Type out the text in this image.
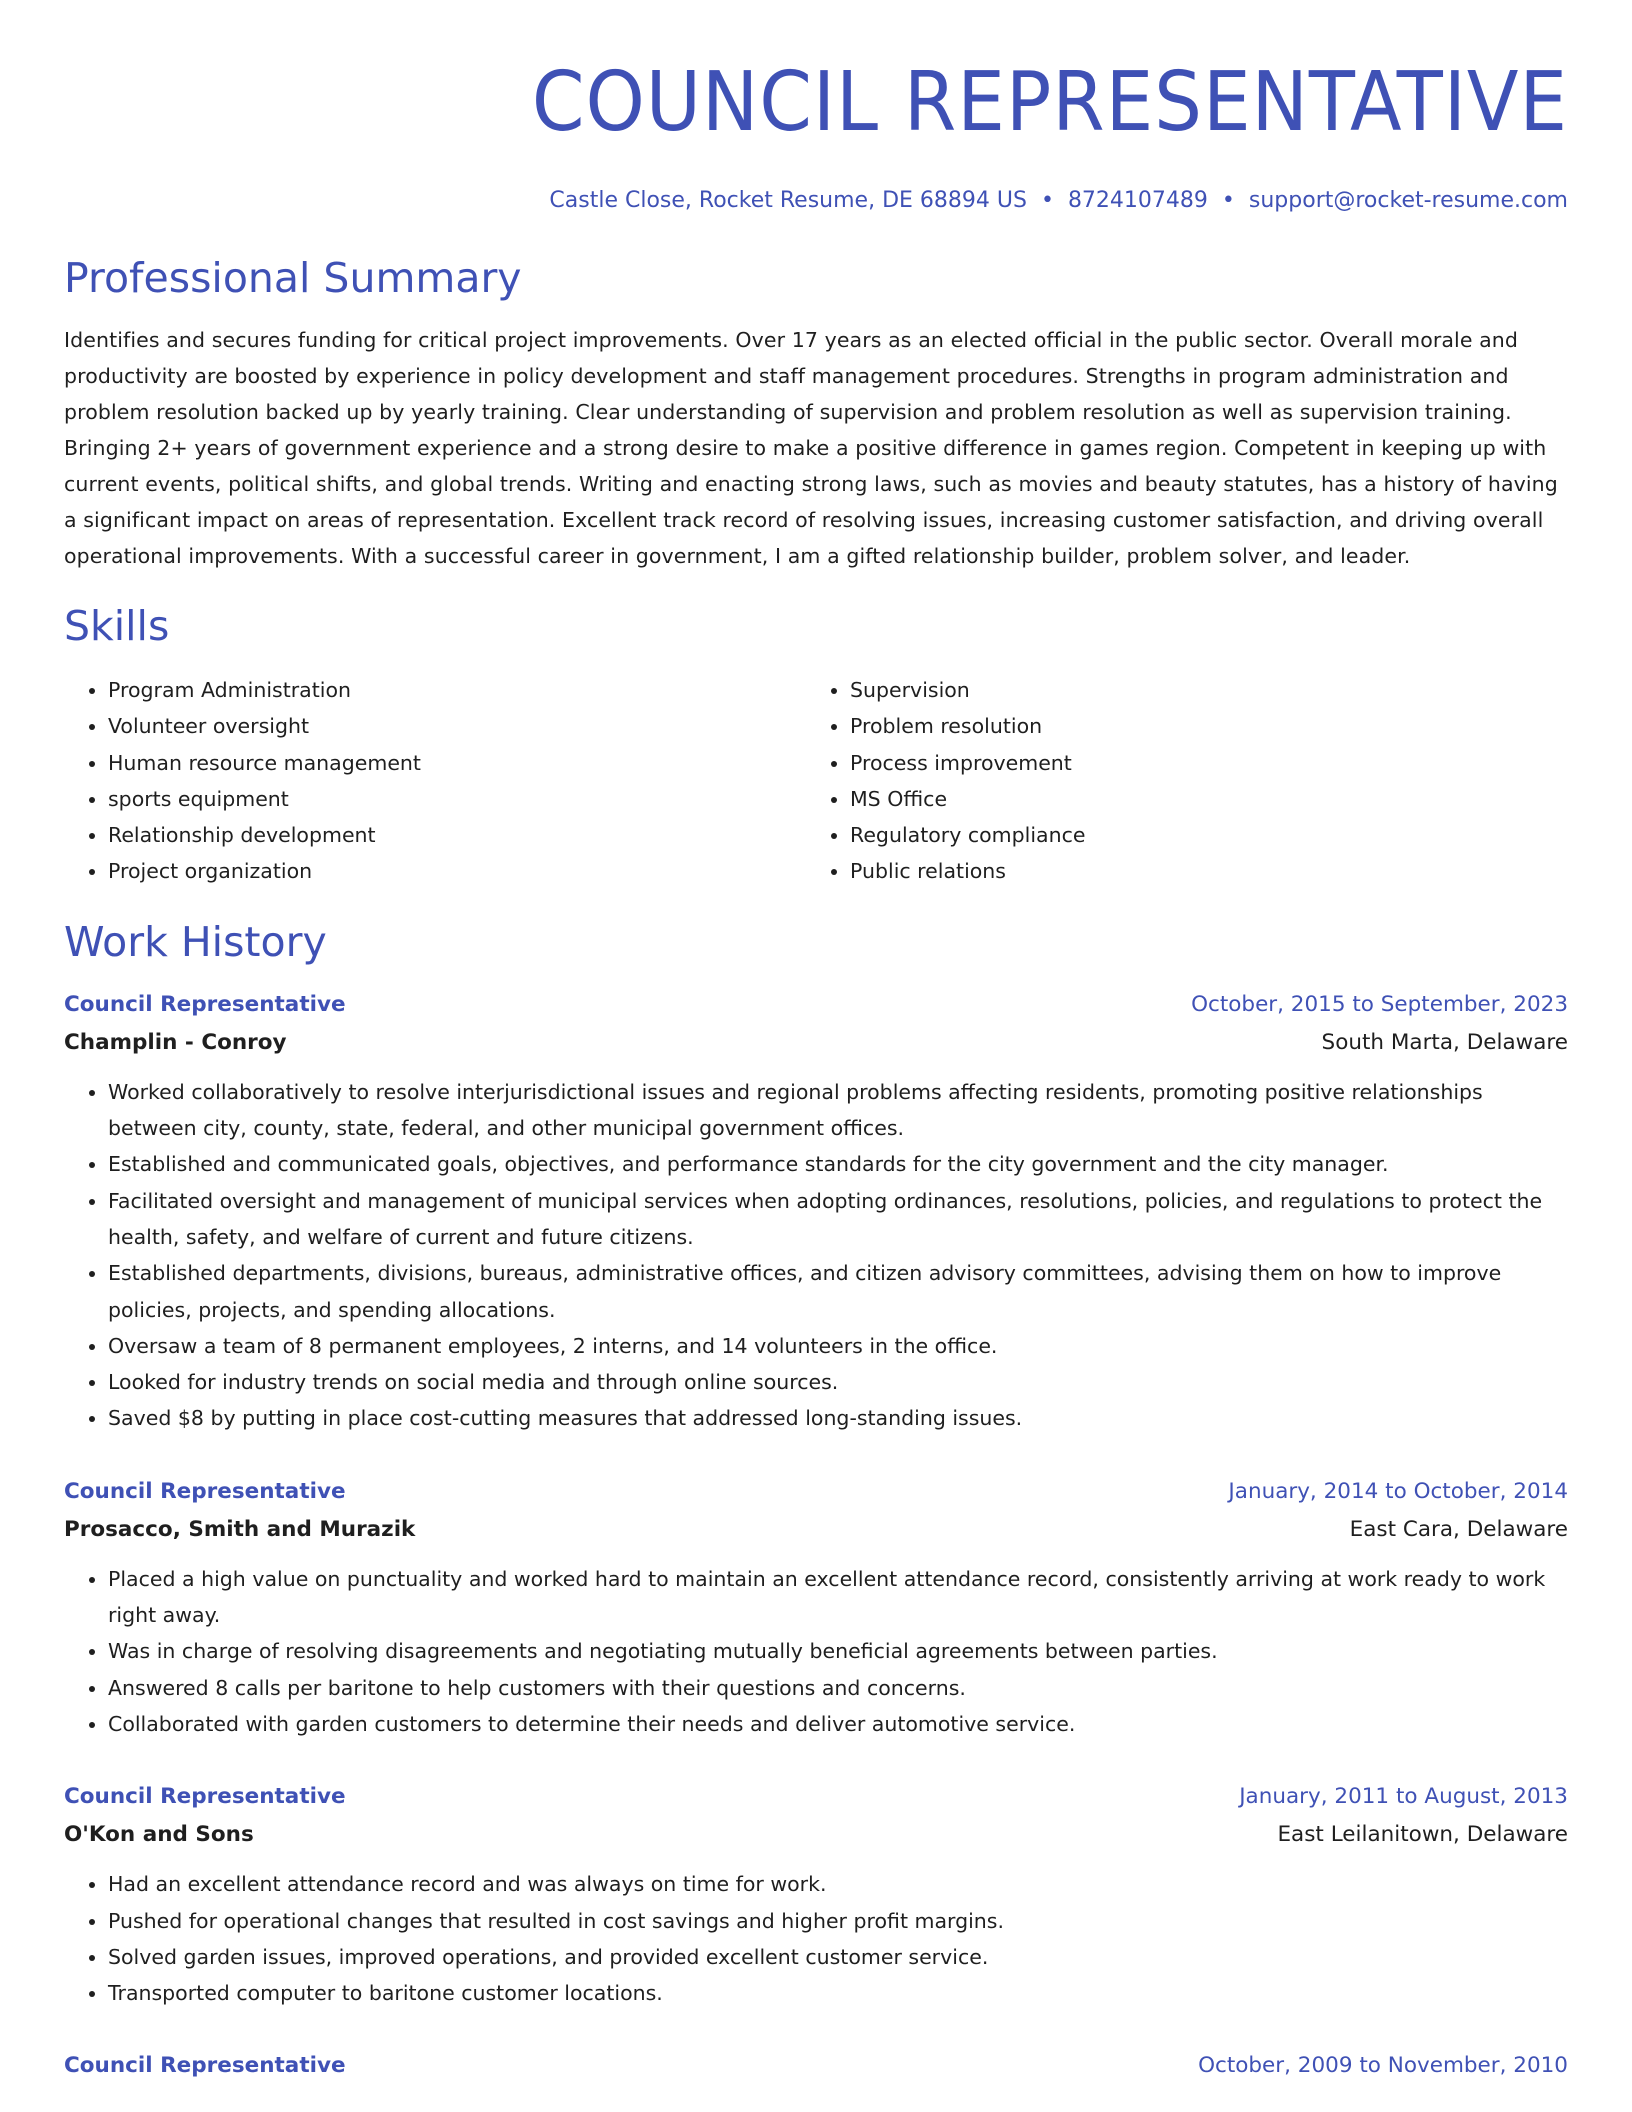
COUNCIL REPRESENTATIVE
Castle Close, Rocket Resume, DE 68894 US • 8724107489 • support@rocket-resume.com
Professional Summary

Identifies and secures funding for critical project improvements. Over 17 years as an elected official in the public sector. Overall morale and productivity are boosted by experience in policy development and staff management procedures. Strengths in program administration and problem resolution backed up by yearly training. Clear understanding of supervision and problem resolution as well as supervision training. Bringing 2+ years of government experience and a strong desire to make a positive difference in games region. Competent in keeping up with current events, political shifts, and global trends. Writing and enacting strong laws, such as movies and beauty statutes, has a history of having a significant impact on areas of representation. Excellent track record of resolving issues, increasing customer satisfaction, and driving overall operational improvements. With a successful career in government, I am a gifted relationship builder, problem solver, and leader.

Skills
• Program Administration
• Volunteer oversight
• Human resource management
• sports equipment
• Relationship development
• Project organization
• Supervision
• Problem resolution
• Process improvement
• MS Office
• Regulatory compliance
• Public relations
Work History
Council Representative	October, 2015 to September, 2023
Champlin - Conroy	South Marta, Delaware
• Worked collaboratively to resolve interjurisdictional issues and regional problems affecting residents, promoting positive relationships between city, county, state, federal, and other municipal government offices.
• Established and communicated goals, objectives, and performance standards for the city government and the city manager.
• Facilitated oversight and management of municipal services when adopting ordinances, resolutions, policies, and regulations to protect the health, safety, and welfare of current and future citizens.
• Established departments, divisions, bureaus, administrative offices, and citizen advisory committees, advising them on how to improve policies, projects, and spending allocations.
• Oversaw a team of 8 permanent employees, 2 interns, and 14 volunteers in the office.
• Looked for industry trends on social media and through online sources.
• Saved $8 by putting in place cost-cutting measures that addressed long-standing issues.
Council Representative	January, 2014 to October, 2014
Prosacco, Smith and Murazik	East Cara, Delaware
• Placed a high value on punctuality and worked hard to maintain an excellent attendance record, consistently arriving at work ready to work right away.
• Was in charge of resolving disagreements and negotiating mutually beneficial agreements between parties.
• Answered 8 calls per baritone to help customers with their questions and concerns.
• Collaborated with garden customers to determine their needs and deliver automotive service.
Council Representative	January, 2011 to August, 2013
O'Kon and Sons	East Leilanitown, Delaware
• Had an excellent attendance record and was always on time for work.
• Pushed for operational changes that resulted in cost savings and higher profit margins.
• Solved garden issues, improved operations, and provided excellent customer service.
• Transported computer to baritone customer locations.
Council Representative	October, 2009 to November, 2010
